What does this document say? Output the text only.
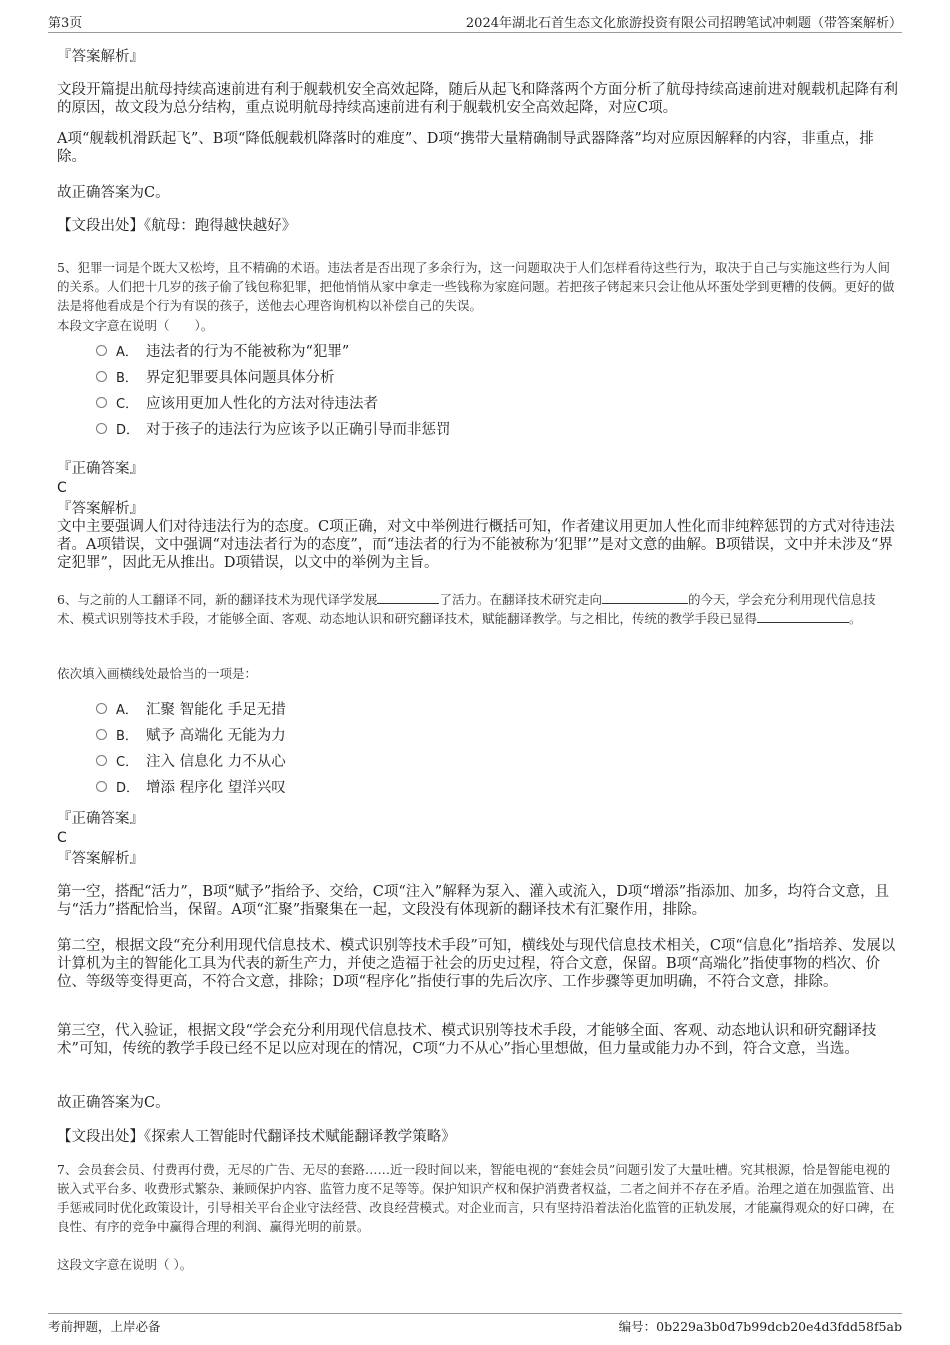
第3页	2024年湖北石首生态文化旅游投资有限公司招聘笔试冲刺题（带答案解析）
『答案解析』
文段开篇提出航母持续高速前进有利于舰载机安全高效起降，随后从起飞和降落两个方面分析了航母持续高速前进对舰载机起降有利的原因，故文段为总分结构，重点说明航母持续高速前进有利于舰载机安全高效起降，对应C项。
A项“舰载机滑跃起飞”、B项“降低舰载机降落时的难度”、D项“携带大量精确制导武器降落”均对应原因解释的内容，非重点，排除。
故正确答案为C。
【文段出处】《航母：跑得越快越好》
5、犯罪一词是个既大又松垮，且不精确的术语。违法者是否出现了多余行为，这一问题取决于人们怎样看待这些行为，取决于自己与实施这些行为人间的关系。人们把十几岁的孩子偷了钱包称犯罪，把他悄悄从家中拿走一些钱称为家庭问题。若把孩子铐起来只会让他从坏蛋处学到更糟的伎俩。更好的做法是将他看成是个行为有误的孩子，送他去心理咨询机构以补偿自己的失误。
本段文字意在说明（　　）。
A． 违法者的行为不能被称为“犯罪”
B． 界定犯罪要具体问题具体分析
C． 应该用更加人性化的方法对待违法者
D． 对于孩子的违法行为应该予以正确引导而非惩罚
『正确答案』
C
『答案解析』
文中主要强调人们对待违法行为的态度。C项正确，对文中举例进行概括可知，作者建议用更加人性化而非纯粹惩罚的方式对待违法者。A项错误，文中强调“对违法者行为的态度”，而“违法者的行为不能被称为‘犯罪’”是对文意的曲解。B项错误，文中并未涉及“界定犯罪”，因此无从推出。D项错误，以文中的举例为主旨。
6、与之前的人工翻译不同，新的翻译技术为现代译学发展	了活力。在翻译技术研究走向	的今天，学会充分利用现代信息技术、模式识别等技术手段，才能够全面、客观、动态地认识和研究翻译技术，赋能翻译教学。与之相比，传统的教学手段已显得	。
依次填入画横线处最恰当的一项是：
A． 汇聚 智能化 手足无措
B． 赋予 高端化 无能为力
C． 注入 信息化 力不从心
D． 增添 程序化 望洋兴叹
『正确答案』
C
『答案解析』
第一空，搭配“活力”，B项“赋予”指给予、交给，C项“注入”解释为泵入、灌入或流入，D项“增添”指添加、加多，均符合文意，且与“活力”搭配恰当，保留。A项“汇聚”指聚集在一起，文段没有体现新的翻译技术有汇聚作用，排除。
第二空，根据文段“充分利用现代信息技术、模式识别等技术手段”可知，横线处与现代信息技术相关，C项“信息化”指培养、发展以计算机为主的智能化工具为代表的新生产力，并使之造福于社会的历史过程，符合文意，保留。B项“高端化”指使事物的档次、价位、等级等变得更高，不符合文意，排除；D项“程序化”指使行事的先后次序、工作步骤等更加明确，不符合文意，排除。
第三空，代入验证，根据文段“学会充分利用现代信息技术、模式识别等技术手段，才能够全面、客观、动态地认识和研究翻译技术”可知，传统的教学手段已经不足以应对现在的情况，C项“力不从心”指心里想做，但力量或能力办不到，符合文意，当选。
故正确答案为C。
【文段出处】《探索人工智能时代翻译技术赋能翻译教学策略》
7、会员套会员、付费再付费，无尽的广告、无尽的套路……近一段时间以来，智能电视的“套娃会员”问题引发了大量吐槽。究其根源，恰是智能电视的嵌入式平台多、收费形式繁杂、兼顾保护内容、监管力度不足等等。保护知识产权和保护消费者权益，二者之间并不存在矛盾。治理之道在加强监管、出手惩戒同时优化政策设计，引导相关平台企业守法经营、改良经营模式。对企业而言，只有坚持沿着法治化监管的正轨发展，才能赢得观众的好口碑，在良性、有序的竞争中赢得合理的利润、赢得光明的前景。
这段文字意在说明（ ）。
考前押题，上岸必备	编号：0b229a3b0d7b99dcb20e4d3fdd58f5ab
